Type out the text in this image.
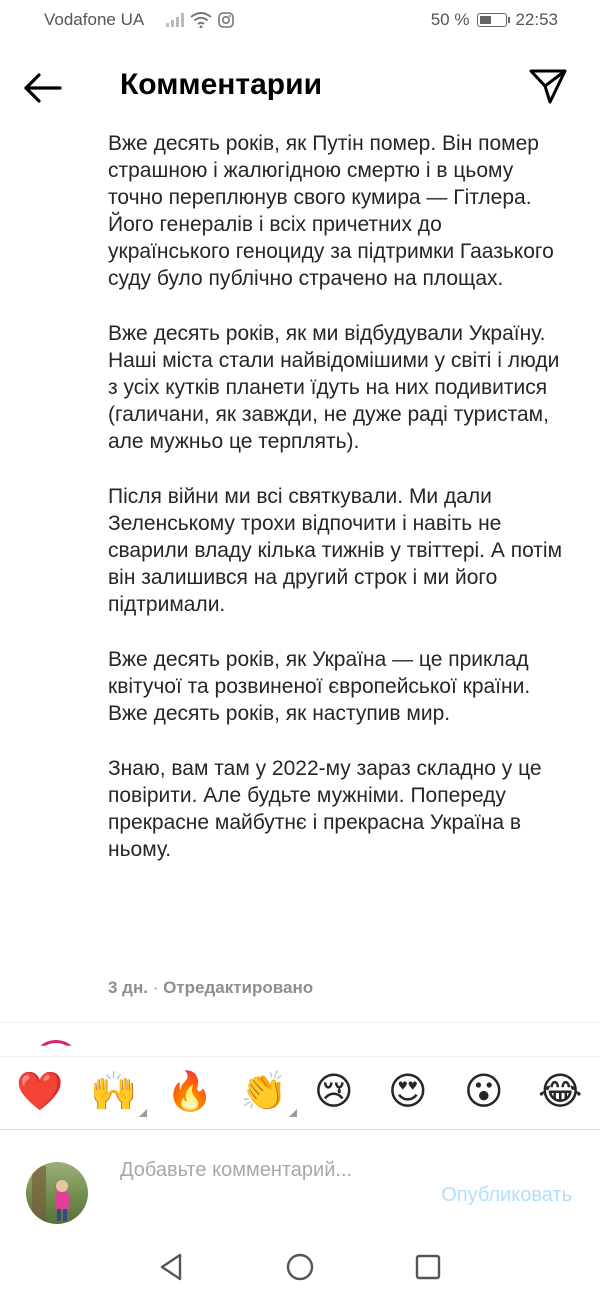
Vodafone UA	50 %	22:53
Комментарии

Вже десять років, як Путін помер. Він помер страшною і жалюгідною смертю і в цьому точно переплюнув свого кумира — Гітлера. Його генералів і всіх причетних до українського геноциду за підтримки Гаазького суду було публічно страчено на площах.

Вже десять років, як ми відбудували Україну. Наші міста стали найвідомішими у світі і люди з усіх кутків планети їдуть на них подивитися (галичани, як завжди, не дуже раді туристам, але мужньо це терплять).

Після війни ми всі святкували. Ми дали Зеленському трохи відпочити і навіть не сварили владу кілька тижнів у твіттері. А потім він залишився на другий строк і ми його підтримали.

Вже десять років, як Україна — це приклад квітучої та розвиненої європейської країни. Вже десять років, як наступив мир.

Знаю, вам там у 2022-му зараз складно у це повірити. Але будьте мужніми. Попереду прекрасне майбутнє і прекрасна Україна в ньому.

3 дн. · Отредактировано
❤️ 🙌 🔥 👏 😢 😍 😮 😂
Добавьте комментарий...
Опубликовать
